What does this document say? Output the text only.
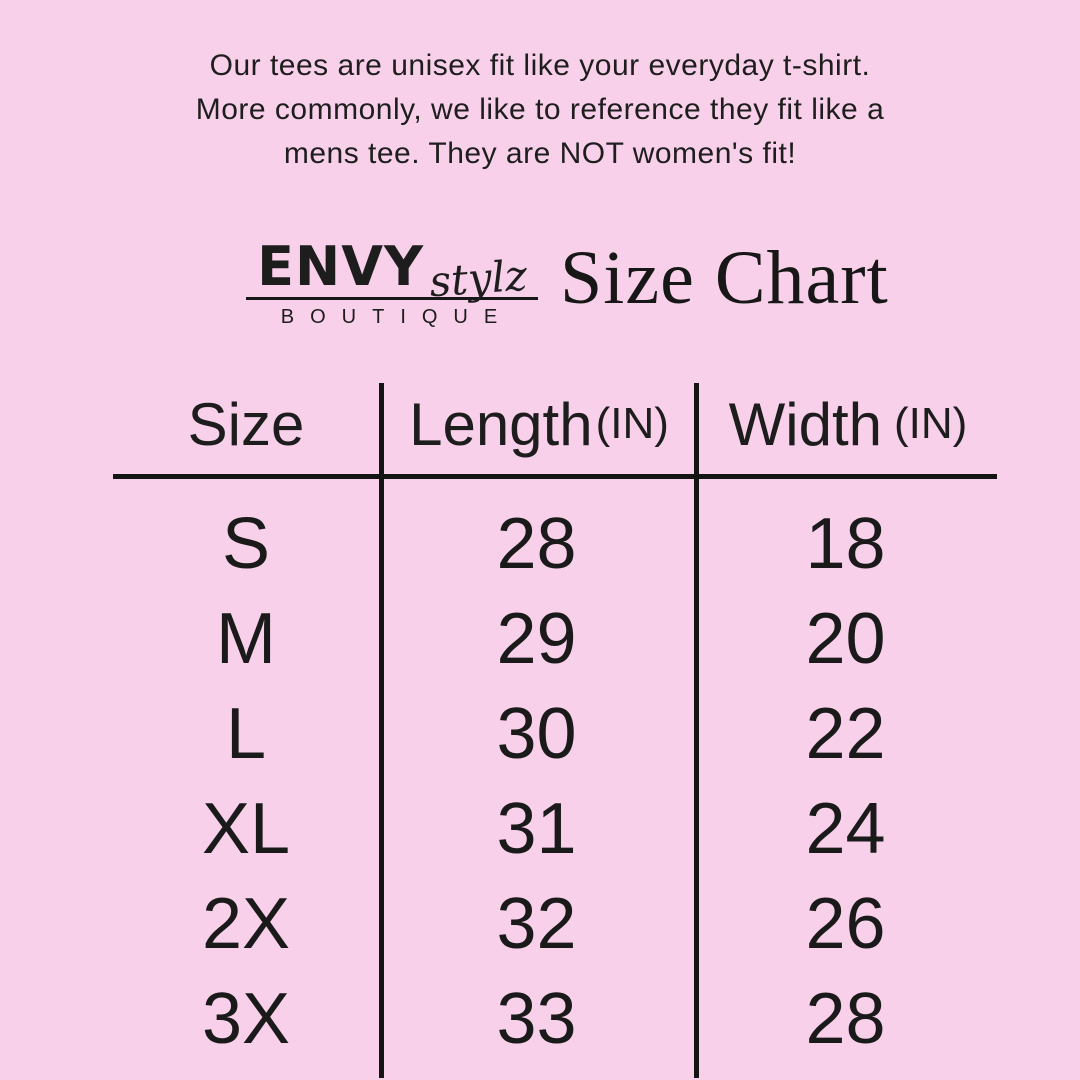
Our tees are unisex fit like your everyday t-shirt.
More commonly, we like to reference they fit like a
mens tee. They are NOT women's fit!
ENVY stylz
BOUTIQUE Size Chart
Size Length (IN) Width (IN)
S	28	18
M	29	20
L	30	22
XL	31	24
2X	32	26
3X	33	28
